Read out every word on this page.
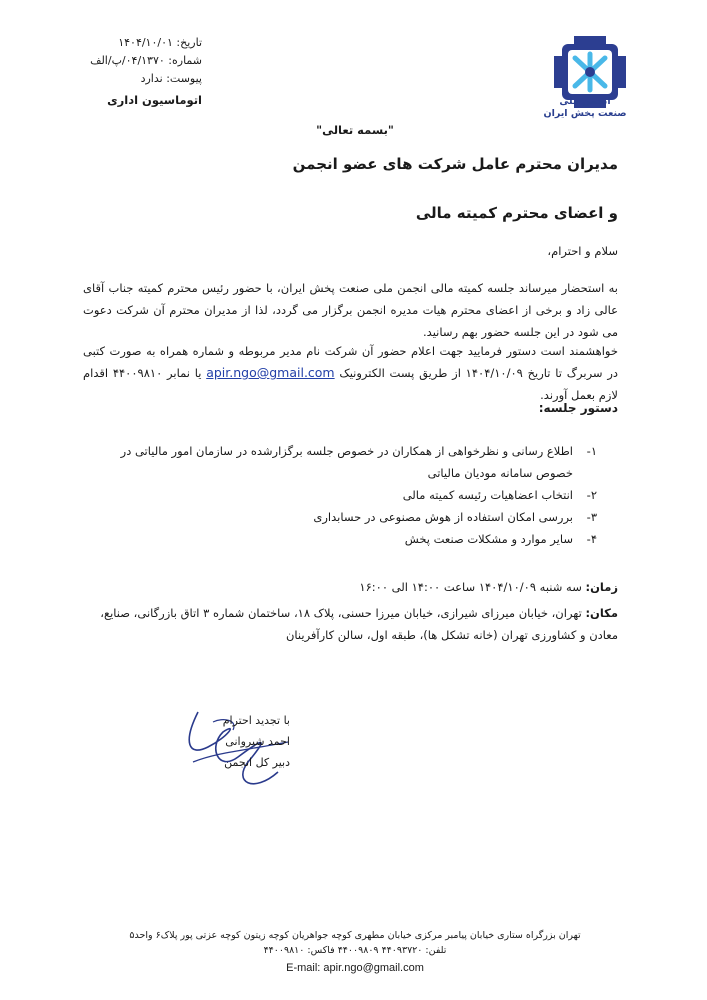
تاریخ: ۱۴۰۴/۱۰/۰۱
شماره: ۰۴/۱۳۷۰/پ/الف
پیوست: ندارد
اتوماسیون اداری	انجمن ملی
صنعت پخش ایران
"بسمه تعالی"
مدیران محترم عامل شرکت های عضو انجمن
و اعضای محترم کمیته مالی
سلام و احترام،
به استحضار میرساند جلسه کمیته مالی انجمن ملی صنعت پخش ایران، با حضور رئیس محترم کمیته جناب آقای عالی زاد و برخی از اعضای محترم هیات مدیره انجمن برگزار می گردد، لذا از مدیران محترم آن شرکت دعوت می شود در این جلسه حضور بهم رسانید.
خواهشمند است دستور فرمایید جهت اعلام حضور آن شرکت نام مدیر مربوطه و شماره همراه به صورت کتبی در سربرگ تا تاریخ ۱۴۰۴/۱۰/۰۹ از طریق پست الکترونیک apir.ngo@gmail.com یا نمابر ۴۴۰۰۹۸۱۰ اقدام لازم بعمل آورند.
دستور جلسه:
۱-
اطلاع رسانی و نظرخواهی از همکاران در خصوص جلسه برگزارشده در سازمان امور مالیاتی در خصوص سامانه مودیان مالیاتی
۲-
انتخاب اعضاهیات رئیسه کمیته مالی
۳-
بررسی امکان استفاده از هوش مصنوعی در حسابداری
۴-
سایر موارد و مشکلات صنعت پخش
زمان: سه شنبه ۱۴۰۴/۱۰/۰۹ ساعت ۱۴:۰۰ الی ۱۶:۰۰
مکان: تهران، خیابان میرزای شیرازی، خیابان میرزا حسنی، پلاک ۱۸، ساختمان شماره ۳ اتاق بازرگانی، صنایع، معادن و کشاورزی تهران (خانه تشکل ها)، طبقه اول، سالن کارآفرینان
با تجدید احترام
احمد شیروانی
دبیر کل انجمن
تهران بزرگراه ستاری خیابان پیامبر مرکزی خیابان مطهری کوچه جواهریان کوچه زیتون کوچه عزتی پور پلاک۶ واحد۵
تلفن: ۴۴۰۹۳۷۲۰ ۴۴۰۰۹۸۰۹ فاکس: ۴۴۰۰۹۸۱۰
E-mail: apir.ngo@gmail.com
